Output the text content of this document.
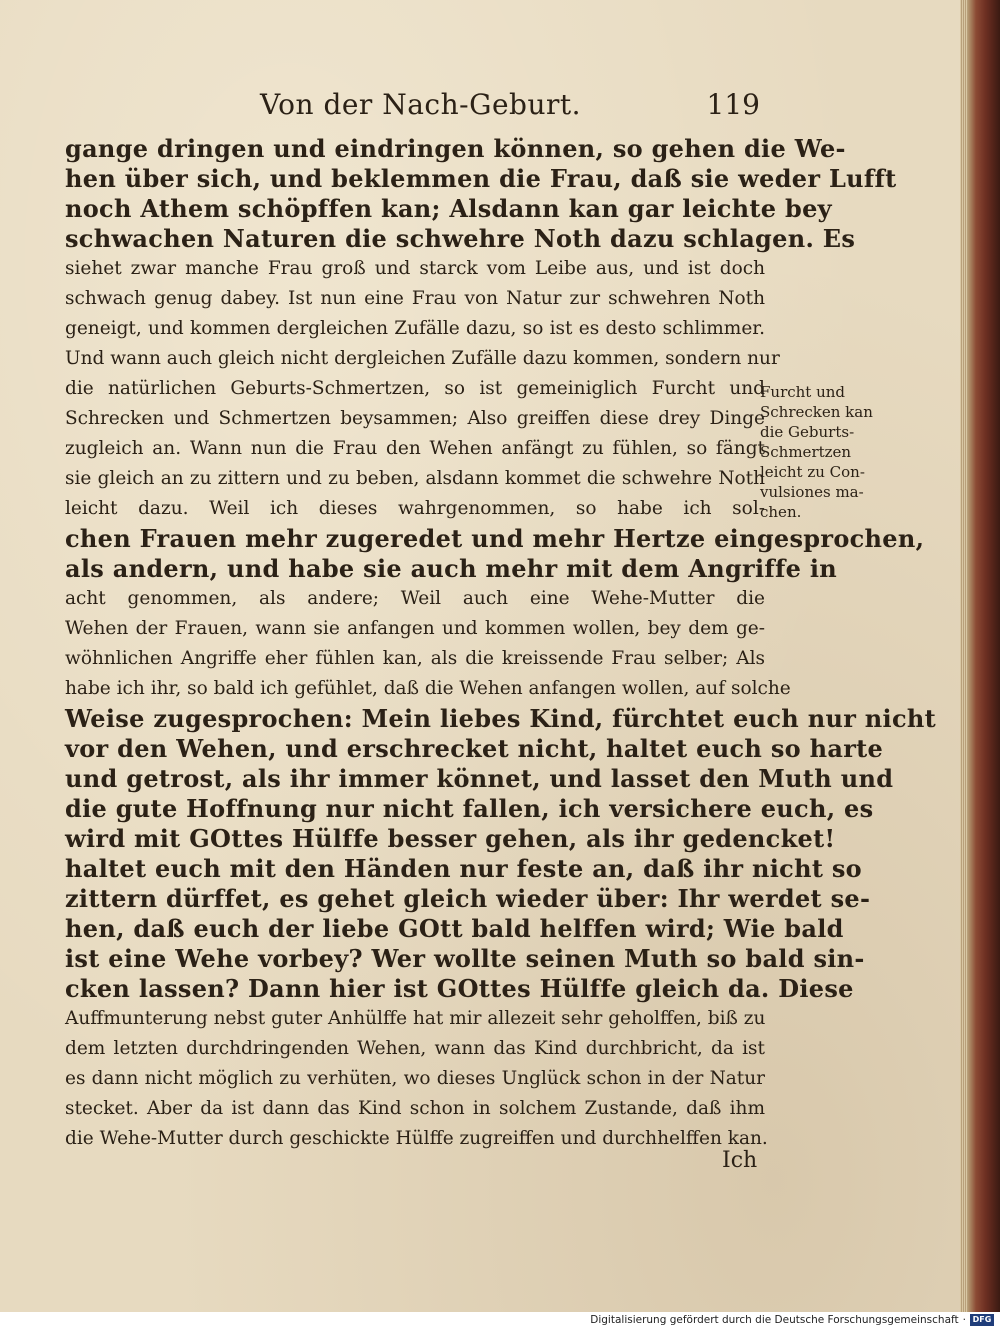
Von der Nach-Geburt.	119
gange dringen und eindringen können, so gehen die We-
hen über sich, und beklemmen die Frau, daß sie weder Lufft
noch Athem schöpffen kan; Alsdann kan gar leichte bey
schwachen Naturen die schwehre Noth dazu schlagen. Es
siehet zwar manche Frau groß und starck vom Leibe aus, und ist doch
schwach genug dabey. Ist nun eine Frau von Natur zur schwehren Noth
geneigt, und kommen dergleichen Zufälle dazu, so ist es desto schlimmer.
Und wann auch gleich nicht dergleichen Zufälle dazu kommen, sondern nur
die natürlichen Geburts-Schmertzen, so ist gemeiniglich Furcht und
Schrecken und Schmertzen beysammen; Also greiffen diese drey Dinge
zugleich an. Wann nun die Frau den Wehen anfängt zu fühlen, so fängt
sie gleich an zu zittern und zu beben, alsdann kommet die schwehre Noth
leicht dazu. Weil ich dieses wahrgenommen, so habe ich sol-
chen Frauen mehr zugeredet und mehr Hertze eingesprochen,
als andern, und habe sie auch mehr mit dem Angriffe in
acht genommen, als andere; Weil auch eine Wehe-Mutter die
Wehen der Frauen, wann sie anfangen und kommen wollen, bey dem ge-
wöhnlichen Angriffe eher fühlen kan, als die kreissende Frau selber; Als
habe ich ihr, so bald ich gefühlet, daß die Wehen anfangen wollen, auf solche
Weise zugesprochen: Mein liebes Kind, fürchtet euch nur nicht
vor den Wehen, und erschrecket nicht, haltet euch so harte
und getrost, als ihr immer könnet, und lasset den Muth und
die gute Hoffnung nur nicht fallen, ich versichere euch, es
wird mit GOttes Hülffe besser gehen, als ihr gedencket!
haltet euch mit den Händen nur feste an, daß ihr nicht so
zittern dürffet, es gehet gleich wieder über: Ihr werdet se-
hen, daß euch der liebe GOtt bald helffen wird; Wie bald
ist eine Wehe vorbey? Wer wollte seinen Muth so bald sin-
cken lassen? Dann hier ist GOttes Hülffe gleich da. Diese
Auffmunterung nebst guter Anhülffe hat mir allezeit sehr geholffen, biß zu
dem letzten durchdringenden Wehen, wann das Kind durchbricht, da ist
es dann nicht möglich zu verhüten, wo dieses Unglück schon in der Natur
stecket. Aber da ist dann das Kind schon in solchem Zustande, daß ihm
die Wehe-Mutter durch geschickte Hülffe zugreiffen und durchhelffen kan.
Furcht und
Schrecken kan
die Geburts-
Schmertzen
leicht zu Con-
vulsiones ma-
chen.
Ich
Digitalisierung gefördert durch die Deutsche Forschungsgemeinschaft · DFG
